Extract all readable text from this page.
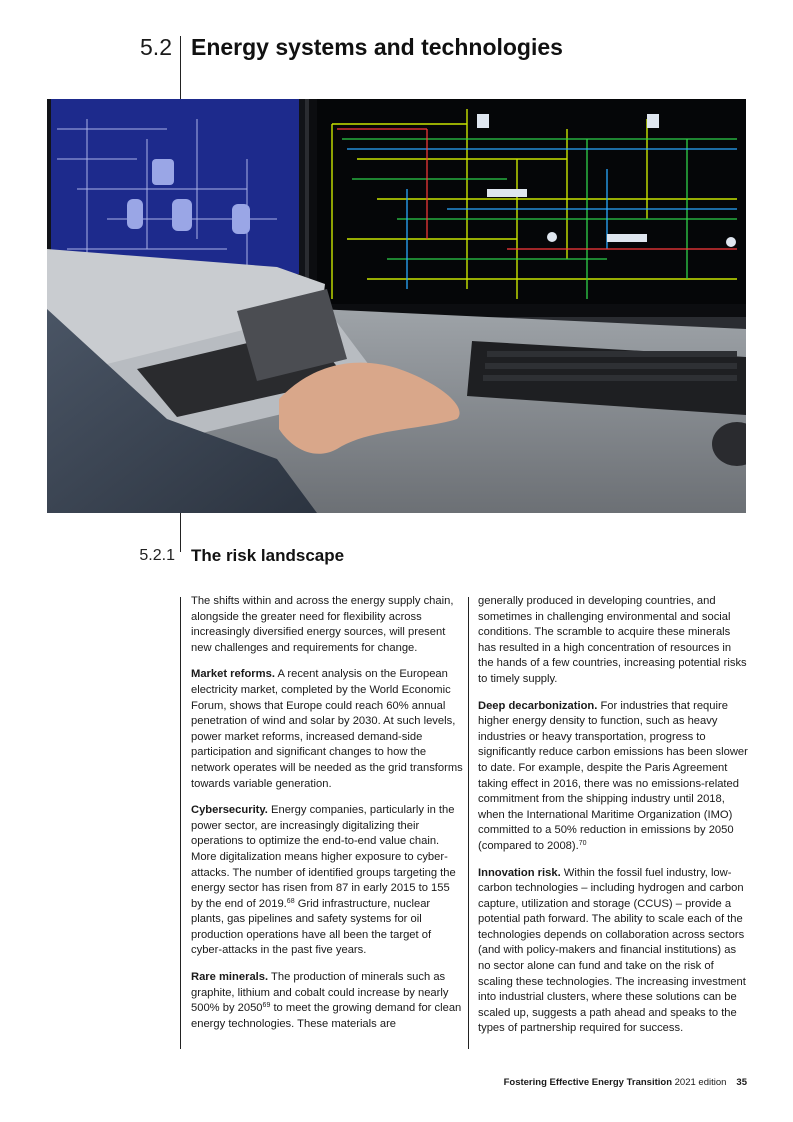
5.2 Energy systems and technologies
5.2.1 The risk landscape

The shifts within and across the energy supply chain, alongside the greater need for flexibility across increasingly diversified energy sources, will present new challenges and requirements for change.

Market reforms. A recent analysis on the European electricity market, completed by the World Economic Forum, shows that Europe could reach 60% annual penetration of wind and solar by 2030. At such levels, power market reforms, increased demand-side participation and significant changes to how the network operates will be needed as the grid transforms towards variable generation.

Cybersecurity. Energy companies, particularly in the power sector, are increasingly digitalizing their operations to optimize the end-to-end value chain. More digitalization means higher exposure to cyber-attacks. The number of identified groups targeting the energy sector has risen from 87 in early 2015 to 155 by the end of 2019.68 Grid infrastructure, nuclear plants, gas pipelines and safety systems for oil production operations have all been the target of cyber-attacks in the past five years.

Rare minerals. The production of minerals such as graphite, lithium and cobalt could increase by nearly 500% by 2050$^{69}$ to meet the growing demand for clean energy technologies. These materials are

generally produced in developing countries, and sometimes in challenging environmental and social conditions. The scramble to acquire these minerals has resulted in a high concentration of resources in the hands of a few countries, increasing potential risks to timely supply.

Deep decarbonization. For industries that require higher energy density to function, such as heavy industries or heavy transportation, progress to significantly reduce carbon emissions has been slower to date. For example, despite the Paris Agreement taking effect in 2016, there was no emissions-related commitment from the shipping industry until 2018, when the International Maritime Organization (IMO) committed to a 50% reduction in emissions by 2050 (compared to 2008).$^{70}$

Innovation risk. Within the fossil fuel industry, low-carbon technologies – including hydrogen and carbon capture, utilization and storage (CCUS) – provide a potential path forward. The ability to scale each of the technologies depends on collaboration across sectors (and with policy-makers and financial institutions) as no sector alone can fund and take on the risk of scaling these technologies. The increasing investment into industrial clusters, where these solutions can be scaled up, suggests a path ahead and speaks to the types of partnership required for success.

Fostering Effective Energy Transition 2021 edition 35
